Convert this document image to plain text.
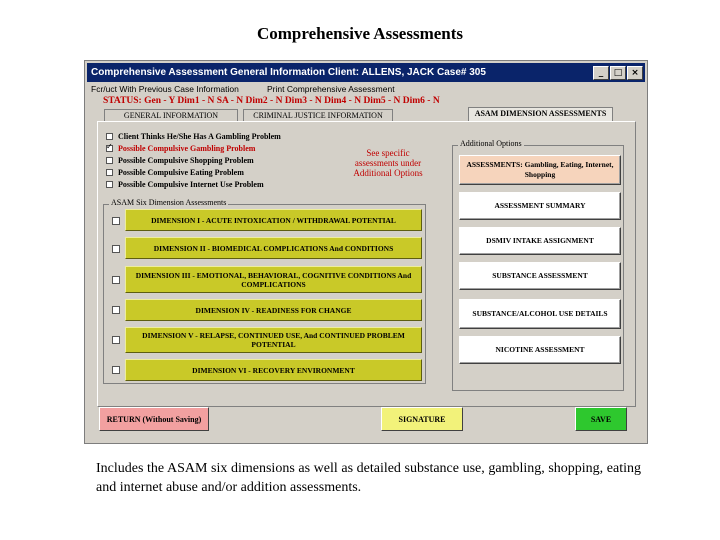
Comprehensive Assessments
Comprehensive Assessment General Information Client: ALLENS, JACK Case# 305	_	□ ×
Fcr/uct With Previous Case Information	Print Comprehensive Assessment
STATUS: Gen - Y Dim1 - N SA - N Dim2 - N Dim3 - N Dim4 - N Dim5 - N Dim6 - N
GENERAL INFORMATION	CRIMINAL JUSTICE INFORMATION	ASAM DIMENSION ASSESSMENTS
Client Thinks He/She Has A Gambling Problem
✓
Possible Compulsive Gambling Problem
Possible Compulsive Shopping Problem
Possible Compulsive Eating Problem
Possible Compulsive Internet Use Problem
See specific assessments under Additional Options
ASAM Six Dimension Assessments
DIMENSION I - ACUTE INTOXICATION / WITHDRAWAL POTENTIAL
DIMENSION II - BIOMEDICAL COMPLICATIONS And CONDITIONS
DIMENSION III - EMOTIONAL, BEHAVIORAL, COGNITIVE CONDITIONS And COMPLICATIONS
DIMENSION IV - READINESS FOR CHANGE
DIMENSION V - RELAPSE, CONTINUED USE, And CONTINUED PROBLEM POTENTIAL
DIMENSION VI - RECOVERY ENVIRONMENT
Additional Options
ASSESSMENTS: Gambling, Eating, Internet, Shopping
ASSESSMENT SUMMARY
DSMIV INTAKE ASSIGNMENT
SUBSTANCE ASSESSMENT
SUBSTANCE/ALCOHOL USE DETAILS
NICOTINE ASSESSMENT
RETURN (Without Saving)	SIGNATURE	SAVE
Includes the ASAM six dimensions as well as detailed substance use, gambling, shopping, eating and internet abuse and/or addition assessments.
